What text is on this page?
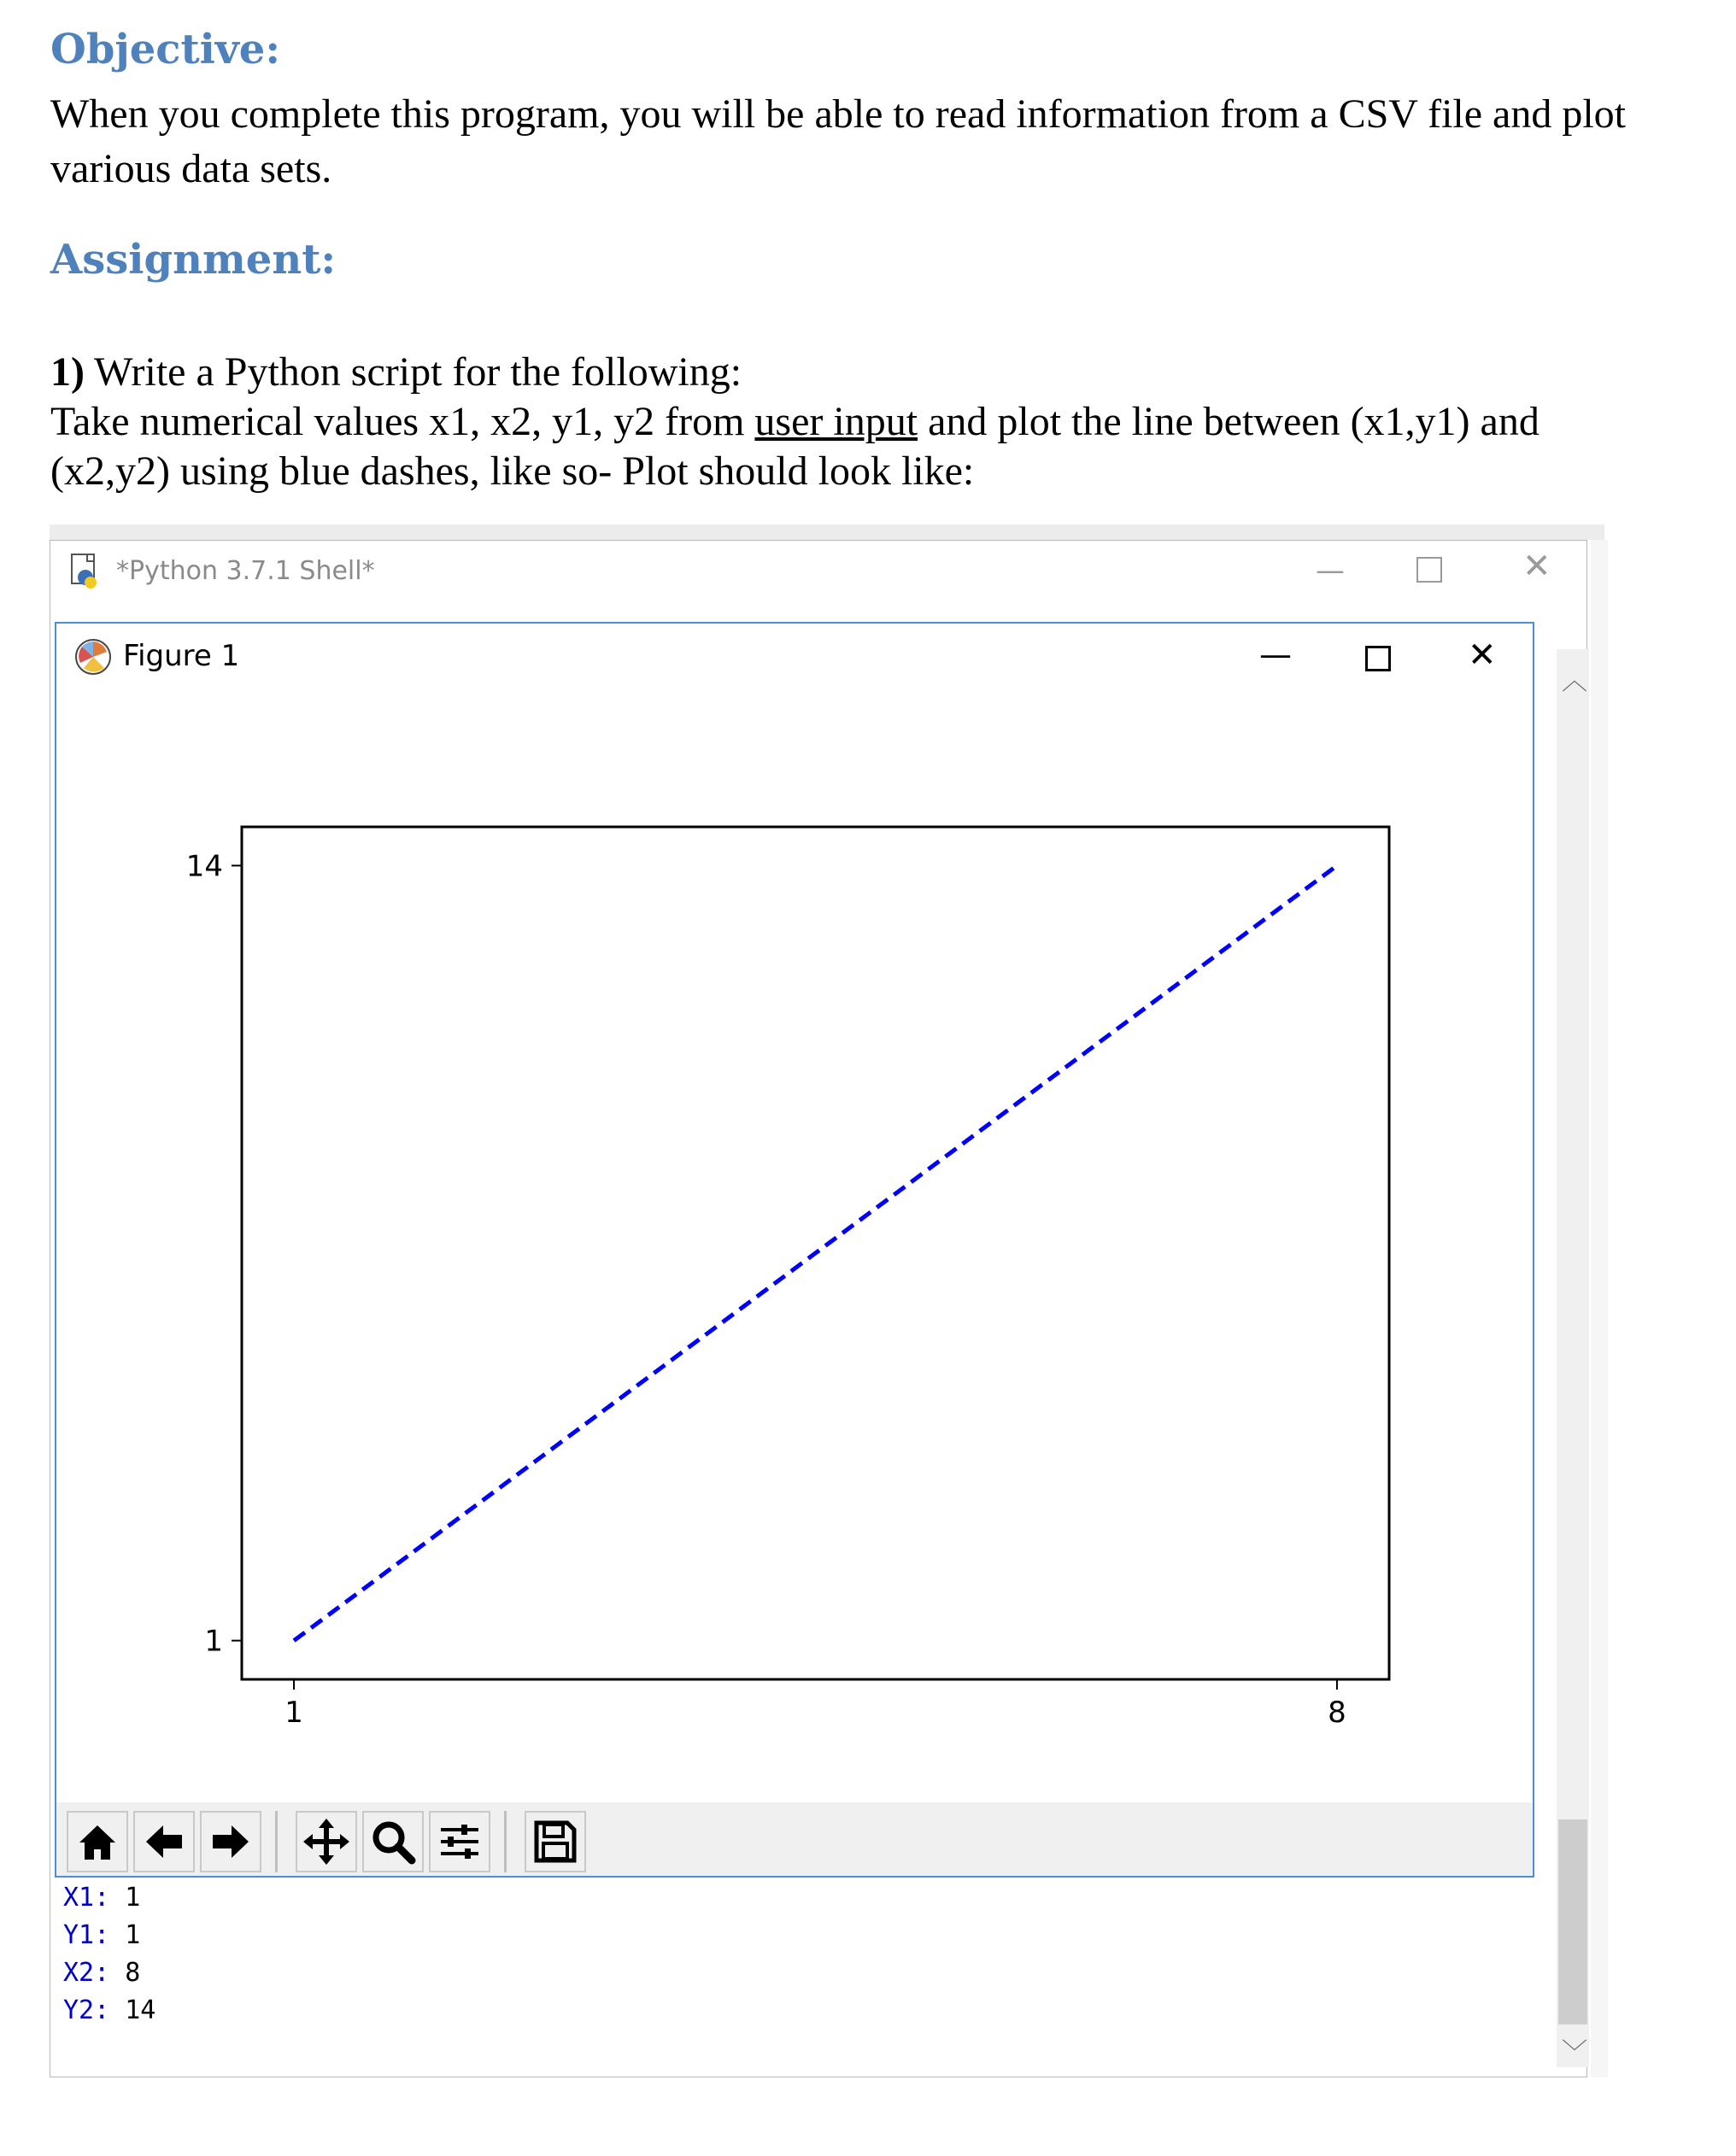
Objective:

When you complete this program, you will be able to read information from a CSV file and plot various data sets.

Assignment:

1) Write a Python script for the following:

Take numerical values x1, x2, y1, y2 from user input and plot the line between (x1,y1) and

(x2,y2) using blue dashes, like so- Plot should look like:

*Python 3.7.1 Shell*	—	✕
︿
﹀
X1: 1
Y1: 1
X2: 8
Y2: 14
Figure 1	—	✕
1	8
1
14
